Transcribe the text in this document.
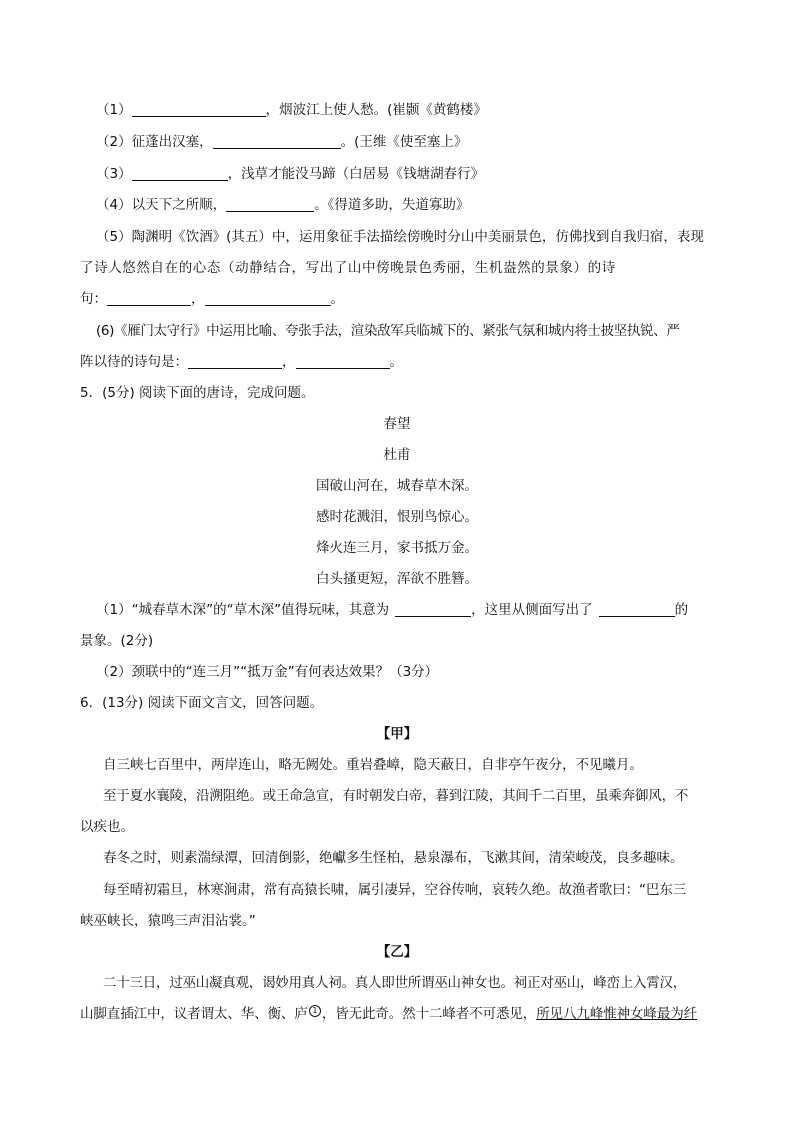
（1）	，烟波江上使人愁。(崔颢《黄鹤楼》
（2）征蓬出汉塞，	。(王维《使至塞上》
（3）	，浅草才能没马蹄（白居易《钱塘湖春行》
（4）以天下之所顺，	。《得道多助，失道寡助》
（5）陶渊明《饮酒》(其五）中，运用象征手法描绘傍晚时分山中美丽景色，仿佛找到自我归宿，表现
了诗人悠然自在的心态（动静结合，写出了山中傍晚景色秀丽，生机盎然的景象）的诗
句：	，	。
(6)《雁门太守行》中运用比喻、夸张手法，渲染敌军兵临城下的、紧张气氛和城内将士披坚执锐、严
阵以待的诗句是：	，	。
5．(5分) 阅读下面的唐诗，完成问题。
春望
杜甫
国破山河在，城春草木深。
感时花溅泪，恨别鸟惊心。
烽火连三月，家书抵万金。
白头搔更短，浑欲不胜簪。
（1）“城春草木深”的“草木深”值得玩味，其意为	，这里从侧面写出了	的
景象。(2分)
（2）颈联中的“连三月”“抵万金”有何表达效果？（3分）
6．(13分) 阅读下面文言文，回答问题。
【甲】
自三峡七百里中，两岸连山，略无阙处。重岩叠嶂，隐天蔽日，自非亭午夜分，不见曦月。
至于夏水襄陵，沿溯阻绝。或王命急宣，有时朝发白帝，暮到江陵，其间千二百里，虽乘奔御风，不
以疾也。
春冬之时，则素湍绿潭，回清倒影，绝巘多生怪柏，悬泉瀑布，飞漱其间，清荣峻茂，良多趣味。
每至晴初霜旦，林寒涧肃，常有高猿长啸，属引凄异，空谷传响，哀转久绝。故渔者歌曰：“巴东三
峡巫峡长，猿鸣三声泪沾裳。”
【乙】
二十三日，过巫山凝真观，谒妙用真人祠。真人即世所谓巫山神女也。祠正对巫山，峰峦上入霄汉，
山脚直插江中，议者谓太、华、衡、庐 1 ，皆无此奇。然十二峰者不可悉见，所见八九峰惟神女峰最为纤
